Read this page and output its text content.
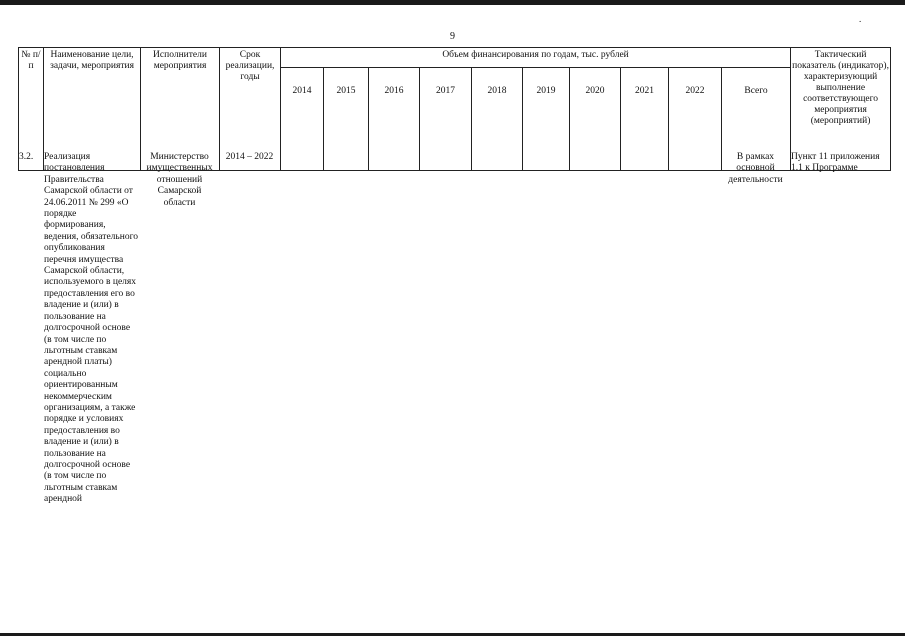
.
9
№ п/п	Наименование цели, задачи, мероприятия	Исполнители мероприятия	Срок реализации, годы	Объем финансирования по годам, тыс. рублей										Тактический показатель (индикатор), характеризующий выполнение соответствующего мероприятия (мероприятий)
				2014	2015	2016	2017	2018	2019	2020	2021	2022	Всего	
3.2.	Реализация постановления Правительства Самарской области от 24.06.2011 № 299 «О порядке формирования, ведения, обязательного опубликования перечня имущества Самарской области, используемого в целях предоставления его во владение и (или) в пользование на долгосрочной основе (в том числе по льготным ставкам арендной платы) социально ориентированным некоммерческим организациям, а также порядке и условиях предоставления во владение и (или) в пользование на долгосрочной основе (в том числе по льготным ставкам арендной	Министерство имущественных отношений Самарской области	2014 – 2022										В рамках основной деятельности	Пункт 11 приложения 1.1 к Программе
